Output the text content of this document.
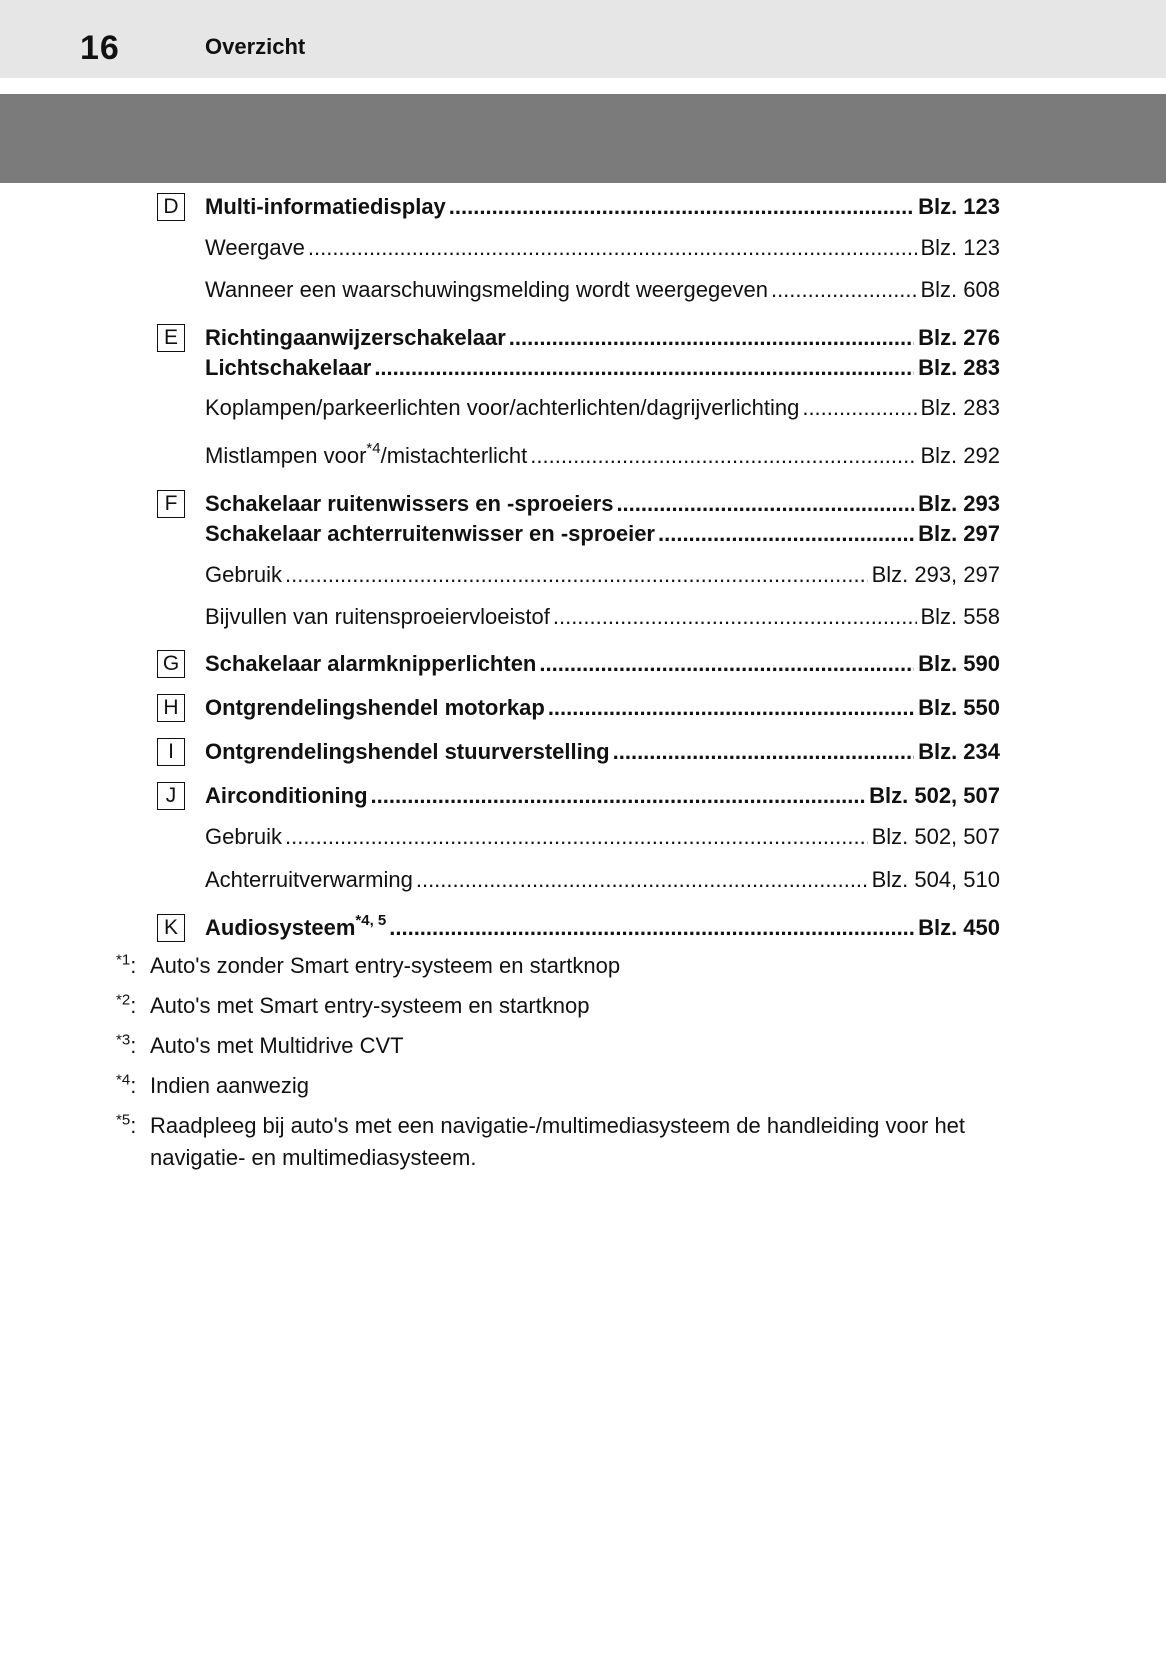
16	Overzicht
D Multi-informatiedisplay .....	Blz. 123
Weergave .....	Blz. 123
Wanneer een waarschuwingsmelding wordt weergegeven .....	Blz. 608
E	Richtingaanwijzerschakelaar .....	Blz. 276
Lichtschakelaar .....	Blz. 283
Koplampen/parkeerlichten voor/achterlichten/dagrijverlichting .....	Blz. 283
Mistlampen voor$^{*4}$/mistachterlicht .....	Blz. 292
F	Schakelaar ruitenwissers en -sproeiers .....	Blz. 293
Schakelaar achterruitenwisser en -sproeier .....	Blz. 297
Gebruik .....	Blz. 293, 297
Bijvullen van ruitensproeiervloeistof .....	Blz. 558
G Schakelaar alarmknipperlichten .....	Blz. 590
H Ontgrendelingshendel motorkap .....	Blz. 550
I	Ontgrendelingshendel stuurverstelling .....	Blz. 234
J	Airconditioning .....	Blz. 502, 507
Gebruik .....	Blz. 502, 507
Achterruitverwarming .....	Blz. 504, 510
K	Audiosysteem$^{*4, 5}$ .....	Blz. 450
$^{*1}$: Auto's zonder Smart entry-systeem en startknop
$^{*2}$: Auto's met Smart entry-systeem en startknop
$^{*3}$: Auto's met Multidrive CVT
$^{*4}$: Indien aanwezig
$^{*5}$: Raadpleeg bij auto's met een navigatie-/multimediasysteem de handleiding voor het navigatie- en multimediasysteem.
